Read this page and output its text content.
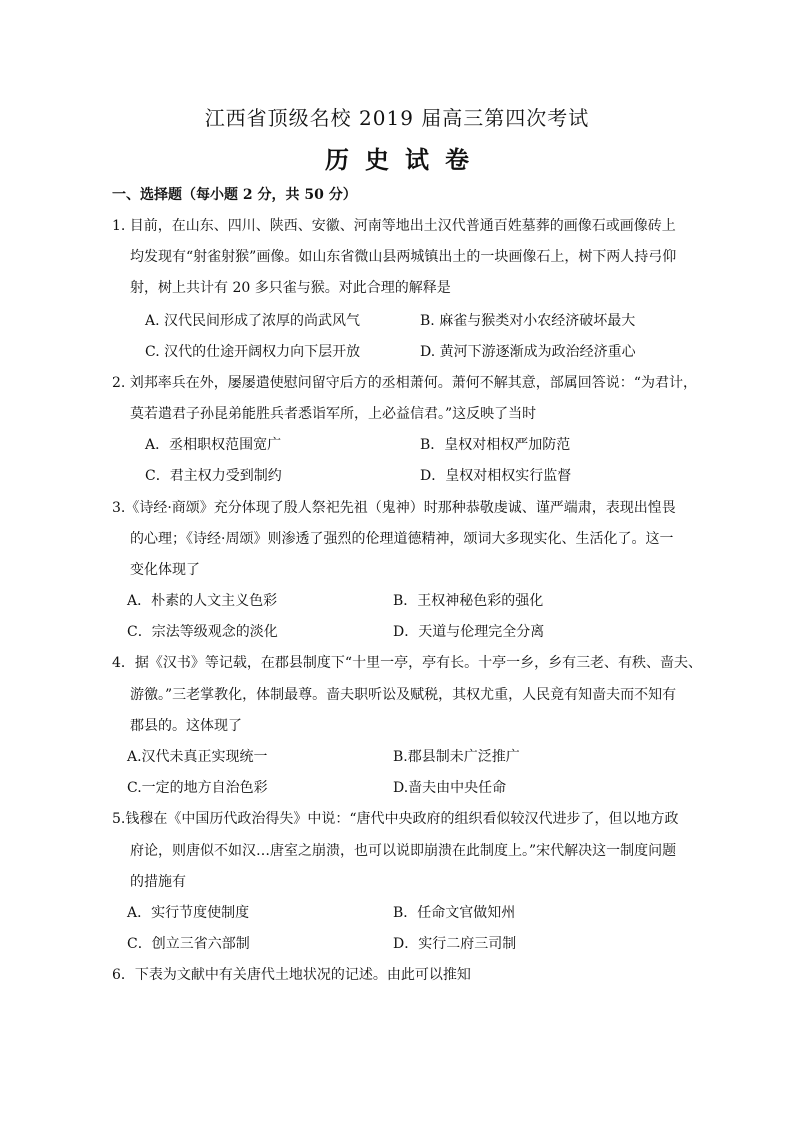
江西省顶级名校 2019 届高三第四次考试
历史试卷
一、选择题（每小题 2 分，共 50 分）
1. 目前，在山东、四川、陕西、安徽、河南等地出土汉代普通百姓墓葬的画像石或画像砖上
均发现有“射雀射猴”画像。如山东省微山县两城镇出土的一块画像石上，树下两人持弓仰
射，树上共计有 20 多只雀与猴。对此合理的解释是
A. 汉代民间形成了浓厚的尚武风气	B. 麻雀与猴类对小农经济破坏最大
C. 汉代的仕途开阔权力向下层开放	D. 黄河下游逐渐成为政治经济重心
2. 刘邦率兵在外，屡屡遣使慰问留守后方的丞相萧何。萧何不解其意，部属回答说：“为君计，
莫若遣君子孙昆弟能胜兵者悉诣军所，上必益信君。”这反映了当时
A．丞相职权范围宽广	B．皇权对相权严加防范
C．君主权力受到制约	D．皇权对相权实行监督
3.《诗经·商颂》充分体现了殷人祭祀先祖（鬼神）时那种恭敬虔诚、谨严端肃，表现出惶畏
的心理；《诗经·周颂》则渗透了强烈的伦理道德精神，颂词大多现实化、生活化了。这一
变化体现了
A．朴素的人文主义色彩	B．王权神秘色彩的强化
C．宗法等级观念的淡化	D．天道与伦理完全分离
4．据《汉书》等记载，在郡县制度下“十里一亭，亭有长。十亭一乡，乡有三老、有秩、啬夫、
游徼。”三老掌教化，体制最尊。啬夫职听讼及赋税，其权尤重，人民竟有知啬夫而不知有
郡县的。这体现了
A.汉代未真正实现统一	B.郡县制未广泛推广
C.一定的地方自治色彩	D.啬夫由中央任命
5.钱穆在《中国历代政治得失》中说：“唐代中央政府的组织看似较汉代进步了，但以地方政
府论，则唐似不如汉…唐室之崩溃，也可以说即崩溃在此制度上。”宋代解决这一制度问题
的措施有
A．实行节度使制度	B．任命文官做知州
C．创立三省六部制	D．实行二府三司制
6．下表为文献中有关唐代土地状况的记述。由此可以推知
